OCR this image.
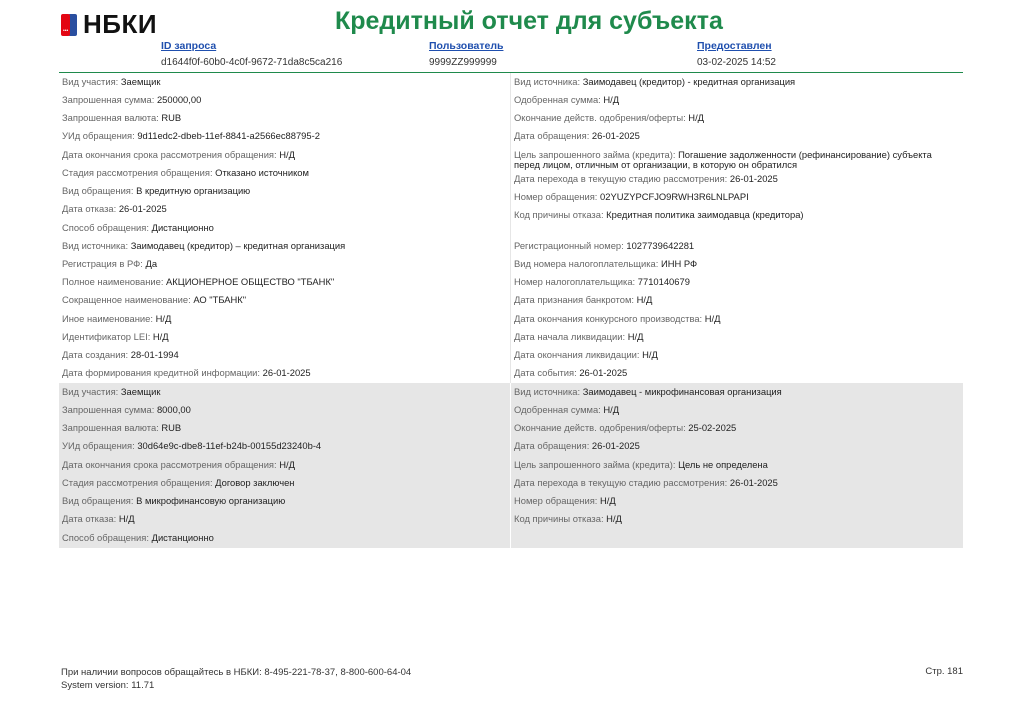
••• НБКИ	Кредитный отчет для субъекта
ID запроса
d1644f0f-60b0-4c0f-9672-71da8c5ca216
Пользователь
9999ZZ999999
Предоставлен
03-02-2025 14:52
Вид участия: Заемщик
Запрошенная сумма: 250000,00
Запрошенная валюта: RUB
УИд обращения: 9d11edc2-dbeb-11ef-8841-a2566ec88795-2
Дата окончания срока рассмотрения обращения: Н/Д
Стадия рассмотрения обращения: Отказано источником
Вид обращения: В кредитную организацию
Дата отказа: 26-01-2025
Способ обращения: Дистанционно
Вид источника: Заимодавец (кредитор) – кредитная организация
Регистрация в РФ: Да
Полное наименование: АКЦИОНЕРНОЕ ОБЩЕСТВО "ТБАНК"
Сокращенное наименование: АО "ТБАНК"
Иное наименование: Н/Д
Идентификатор LEI: Н/Д
Дата создания: 28-01-1994
Дата формирования кредитной информации: 26-01-2025
Вид источника: Заимодавец (кредитор) - кредитная организация
Одобренная сумма: Н/Д
Окончание действ. одобрения/оферты: Н/Д
Дата обращения: 26-01-2025
Цель запрошенного займа (кредита): Погашение задолженности (рефинансирование) субъекта перед лицом, отличным от организации, в которую он обратился
Дата перехода в текущую стадию рассмотрения: 26-01-2025
Номер обращения: 02YUZYPCFJO9RWH3R6LNLPAPI
Код причины отказа: Кредитная политика заимодавца (кредитора)
Регистрационный номер: 1027739642281
Вид номера налогоплательщика: ИНН РФ
Номер налогоплательщика: 7710140679
Дата признания банкротом: Н/Д
Дата окончания конкурсного производства: Н/Д
Дата начала ликвидации: Н/Д
Дата окончания ликвидации: Н/Д
Дата события: 26-01-2025
Вид участия: Заемщик
Запрошенная сумма: 8000,00
Запрошенная валюта: RUB
УИд обращения: 30d64e9c-dbe8-11ef-b24b-00155d23240b-4
Дата окончания срока рассмотрения обращения: Н/Д
Стадия рассмотрения обращения: Договор заключен
Вид обращения: В микрофинансовую организацию
Дата отказа: Н/Д
Способ обращения: Дистанционно
Вид источника: Заимодавец - микрофинансовая организация
Одобренная сумма: Н/Д
Окончание действ. одобрения/оферты: 25-02-2025
Дата обращения: 26-01-2025
Цель запрошенного займа (кредита): Цель не определена
Дата перехода в текущую стадию рассмотрения: 26-01-2025
Номер обращения: Н/Д
Код причины отказа: Н/Д
При наличии вопросов обращайтесь в НБКИ: 8-495-221-78-37, 8-800-600-64-04
System version: 11.71
Стр. 181
